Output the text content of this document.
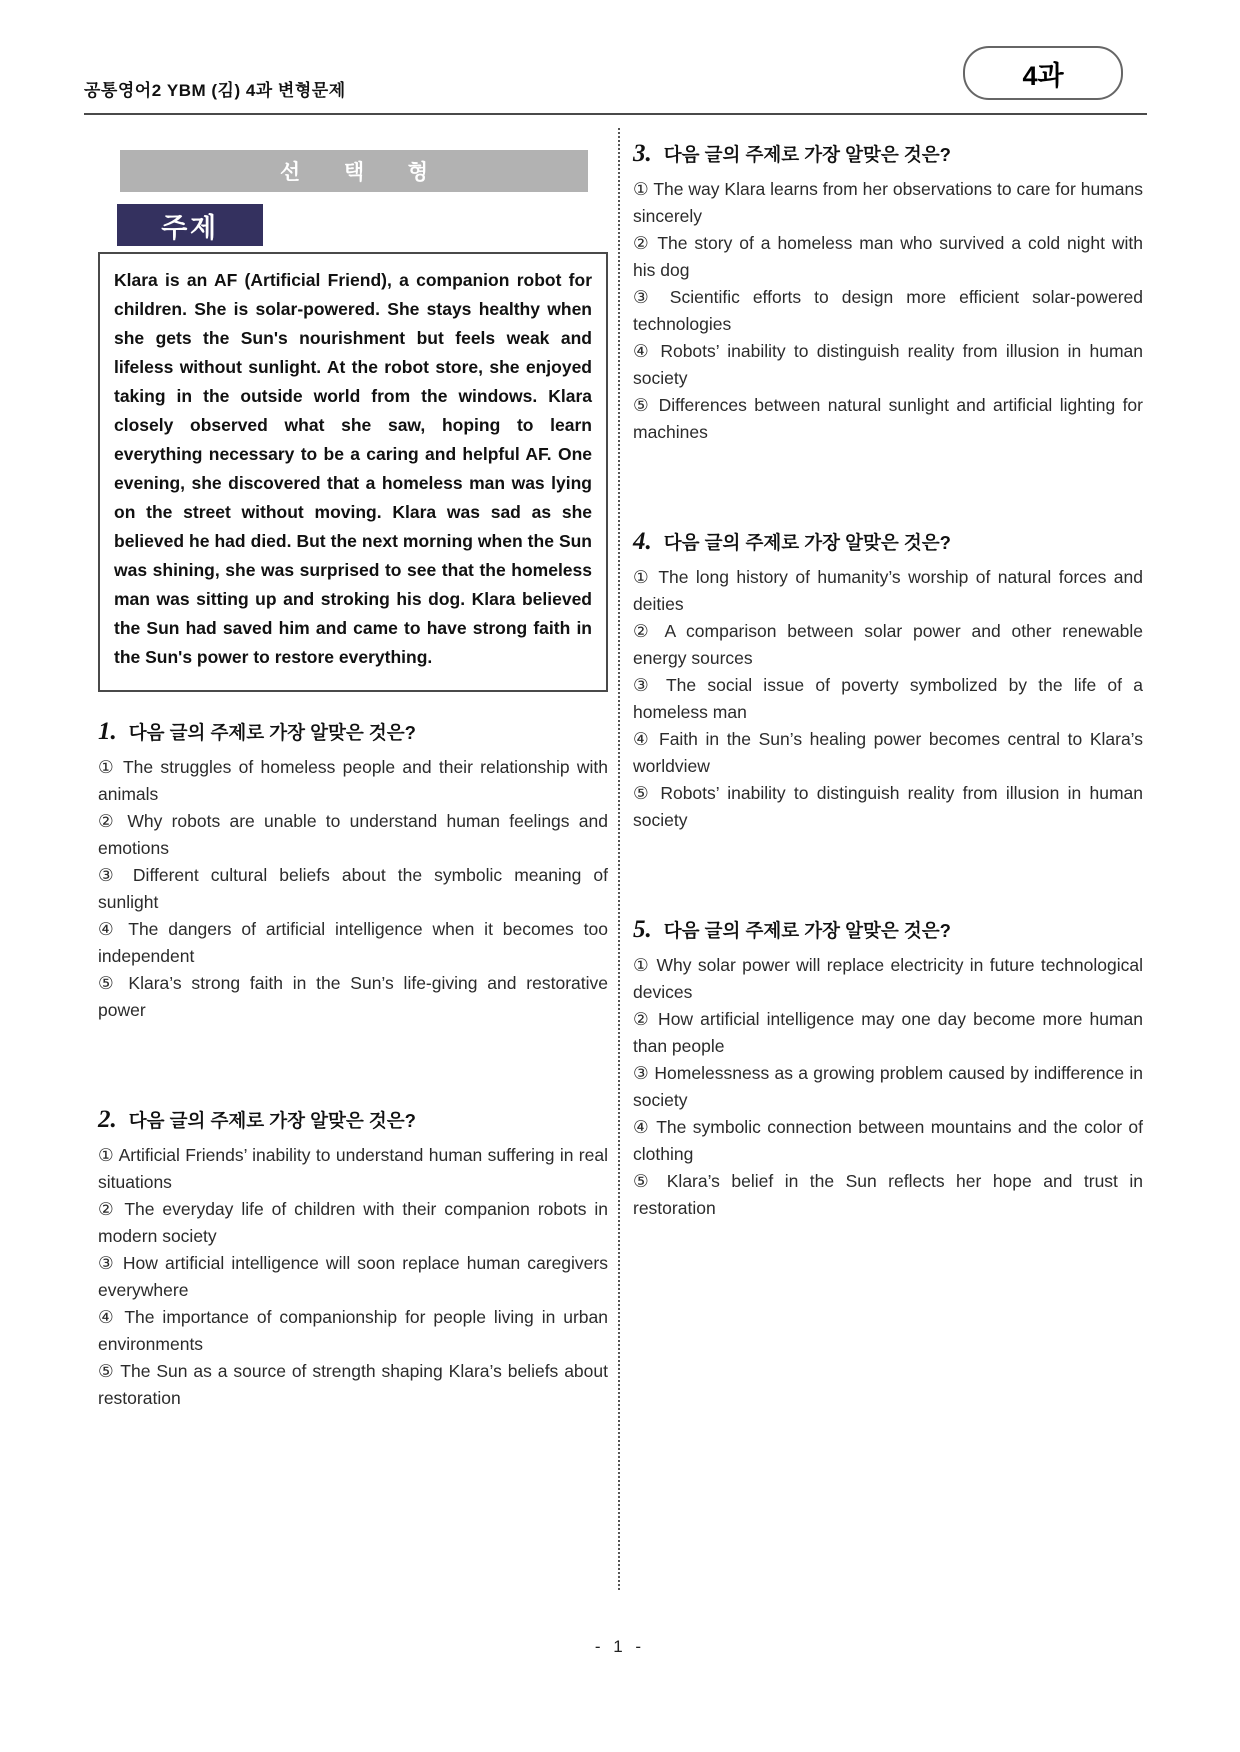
공통영어2 YBM (김) 4과 변형문제	4과
선 택 형
주제

Klara is an AF (Artificial Friend), a companion robot for children. She is solar-powered. She stays healthy when she gets the Sun's nourishment but feels weak and lifeless without sunlight. At the robot store, she enjoyed taking in the outside world from the windows. Klara closely observed what she saw, hoping to learn everything necessary to be a caring and helpful AF. One evening, she discovered that a homeless man was lying on the street without moving. Klara was sad as she believed he had died. But the next morning when the Sun was shining, she was surprised to see that the homeless man was sitting up and stroking his dog. Klara believed the Sun had saved him and came to have strong faith in the Sun's power to restore everything.

1. 다음 글의 주제로 가장 알맞은 것은?

① The struggles of homeless people and their relationship with animals

② Why robots are unable to understand human feelings and emotions

③ Different cultural beliefs about the symbolic meaning of sunlight

④ The dangers of artificial intelligence when it becomes too independent

⑤ Klara’s strong faith in the Sun’s life-giving and restorative power

2. 다음 글의 주제로 가장 알맞은 것은?

① Artificial Friends’ inability to understand human suffering in real situations

② The everyday life of children with their companion robots in modern society

③ How artificial intelligence will soon replace human caregivers everywhere

④ The importance of companionship for people living in urban environments

⑤ The Sun as a source of strength shaping Klara’s beliefs about restoration

3. 다음 글의 주제로 가장 알맞은 것은?

① The way Klara learns from her observations to care for humans sincerely

② The story of a homeless man who survived a cold night with his dog

③ Scientific efforts to design more efficient solar-powered technologies

④ Robots’ inability to distinguish reality from illusion in human society

⑤ Differences between natural sunlight and artificial lighting for machines

4. 다음 글의 주제로 가장 알맞은 것은?

① The long history of humanity’s worship of natural forces and deities

② A comparison between solar power and other renewable energy sources

③ The social issue of poverty symbolized by the life of a homeless man

④ Faith in the Sun’s healing power becomes central to Klara’s worldview

⑤ Robots’ inability to distinguish reality from illusion in human society

5. 다음 글의 주제로 가장 알맞은 것은?

① Why solar power will replace electricity in future technological devices

② How artificial intelligence may one day become more human than people

③ Homelessness as a growing problem caused by indifference in society

④ The symbolic connection between mountains and the color of clothing

⑤ Klara’s belief in the Sun reflects her hope and trust in restoration

- 1 -
